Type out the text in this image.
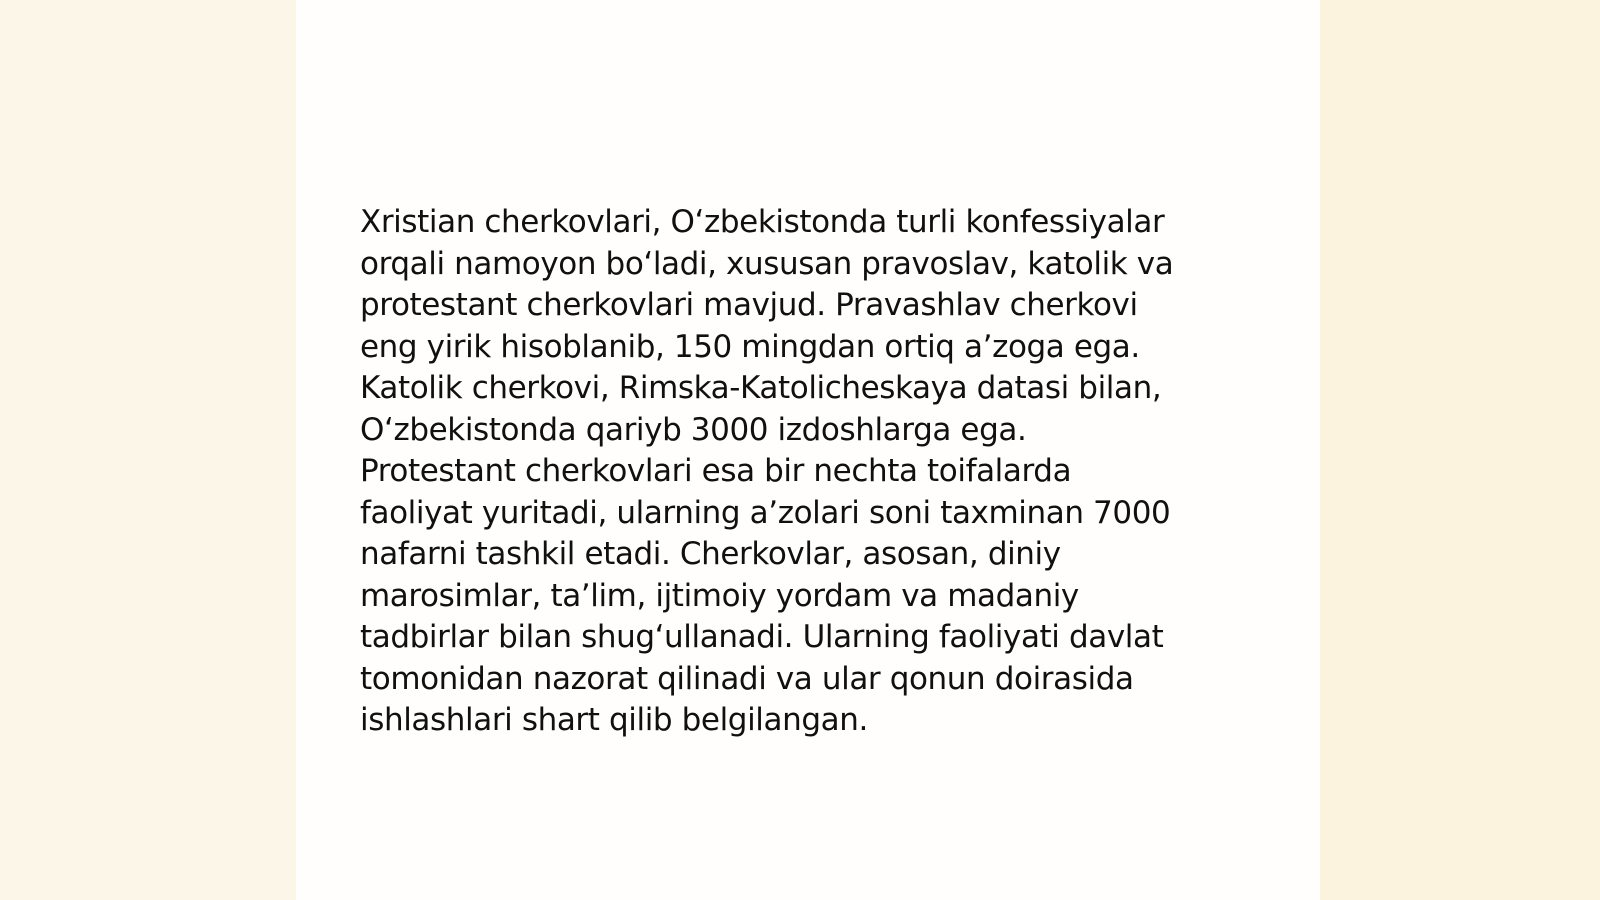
Xristian cherkovlari, O‘zbekistonda turli konfessiyalar
orqali namoyon bo‘ladi, xususan pravoslav, katolik va
protestant cherkovlari mavjud. Pravashlav cherkovi
eng yirik hisoblanib, 150 mingdan ortiq a’zoga ega.
Katolik cherkovi, Rimska-Katolicheskaya datasi bilan,
O‘zbekistonda qariyb 3000 izdoshlarga ega.
Protestant cherkovlari esa bir nechta toifalarda
faoliyat yuritadi, ularning a’zolari soni taxminan 7000
nafarni tashkil etadi. Cherkovlar, asosan, diniy
marosimlar, ta’lim, ijtimoiy yordam va madaniy
tadbirlar bilan shug‘ullanadi. Ularning faoliyati davlat
tomonidan nazorat qilinadi va ular qonun doirasida
ishlashlari shart qilib belgilangan.
